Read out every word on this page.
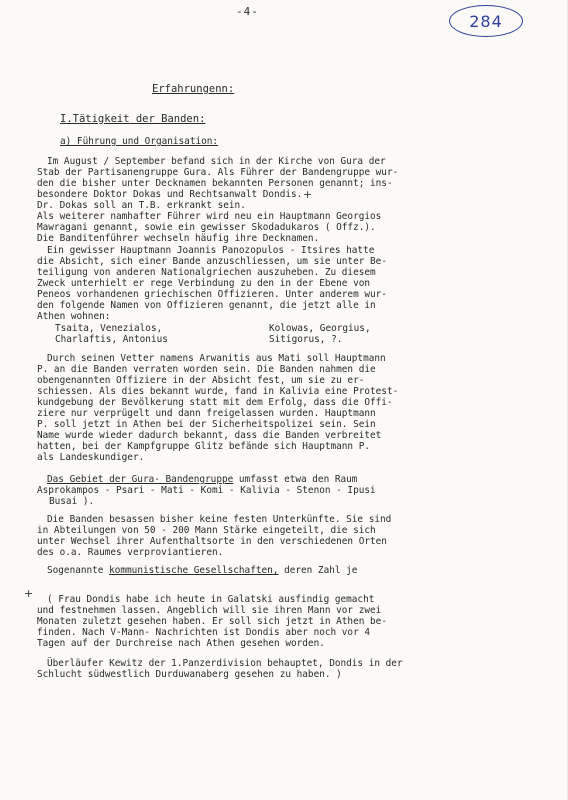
-4-	284
Erfahrungenn:
I.Tätigkeit der Banden:
a) Führung und Organisation:
Im August / September befand sich in der Kirche von Gura der
Stab der Partisanengruppe Gura. Als Führer der Bandengruppe wur-
den die bisher unter Decknamen bekannten Personen genannt; ins-
besondere Doktor Dokas und Rechtsanwalt Dondis.
Dr. Dokas soll an T.B. erkrankt sein.
Als weiterer namhafter Führer wird neu ein Hauptmann Georgios
Mawragani genannt, sowie ein gewisser Skodadukaros ( Offz.).
Die Banditenführer wechseln häufig ihre Decknamen.
+
Ein gewisser Hauptmann Joannis Panozopulos - Itsires hatte
die Absicht, sich einer Bande anzuschliessen, um sie unter Be-
teiligung von anderen Nationalgriechen auszuheben. Zu diesem
Zweck unterhielt er rege Verbindung zu den in der Ebene von
Peneos vorhandenen griechischen Offizieren. Unter anderem wur-
den folgende Namen von Offizieren genannt, die jetzt alle in
Athen wohnen:
Tsaita, Venezialos,
Charlaftis, Antonius
Kolowas, Georgius,
Sitigorus, ?.
Durch seinen Vetter namens Arwanitis aus Mati soll Hauptmann
P. an die Banden verraten worden sein. Die Banden nahmen die
obengenannten Offiziere in der Absicht fest, um sie zu er-
schiessen. Als dies bekannt wurde, fand in Kalivia eine Protest-
kundgebung der Bevölkerung statt mit dem Erfolg, dass die Offi-
ziere nur verprügelt und dann freigelassen wurden. Hauptmann
P. soll jetzt in Athen bei der Sicherheitspolizei sein. Sein
Name wurde wieder dadurch bekannt, dass die Banden verbreitet
hatten, bei der Kampfgruppe Glitz befände sich Hauptmann P.
als Landeskundiger.
Das Gebiet der Gura- Bandengruppe umfasst etwa den Raum
Asprokampos - Psari - Mati - Komi - Kalivia - Stenon - Ipusi
Busai ).
Die Banden besassen bisher keine festen Unterkünfte. Sie sind
in Abteilungen von 50 - 200 Mann Stärke eingeteilt, die sich
unter Wechsel ihrer Aufenthaltsorte in den verschiedenen Orten
des o.a. Raumes verproviantieren.
Sogenannte kommunistische Gesellschaften, deren Zahl je
+	( Frau Dondis habe ich heute in Galatski ausfindig gemacht
und festnehmen lassen. Angeblich will sie ihren Mann vor zwei
Monaten zuletzt gesehen haben. Er soll sich jetzt in Athen be-
finden. Nach V-Mann- Nachrichten ist Dondis aber noch vor 4
Tagen auf der Durchreise nach Athen gesehen worden.
Überläufer Kewitz der 1.Panzerdivision behauptet, Dondis in der
Schlucht südwestlich Durduwanaberg gesehen zu haben. )
